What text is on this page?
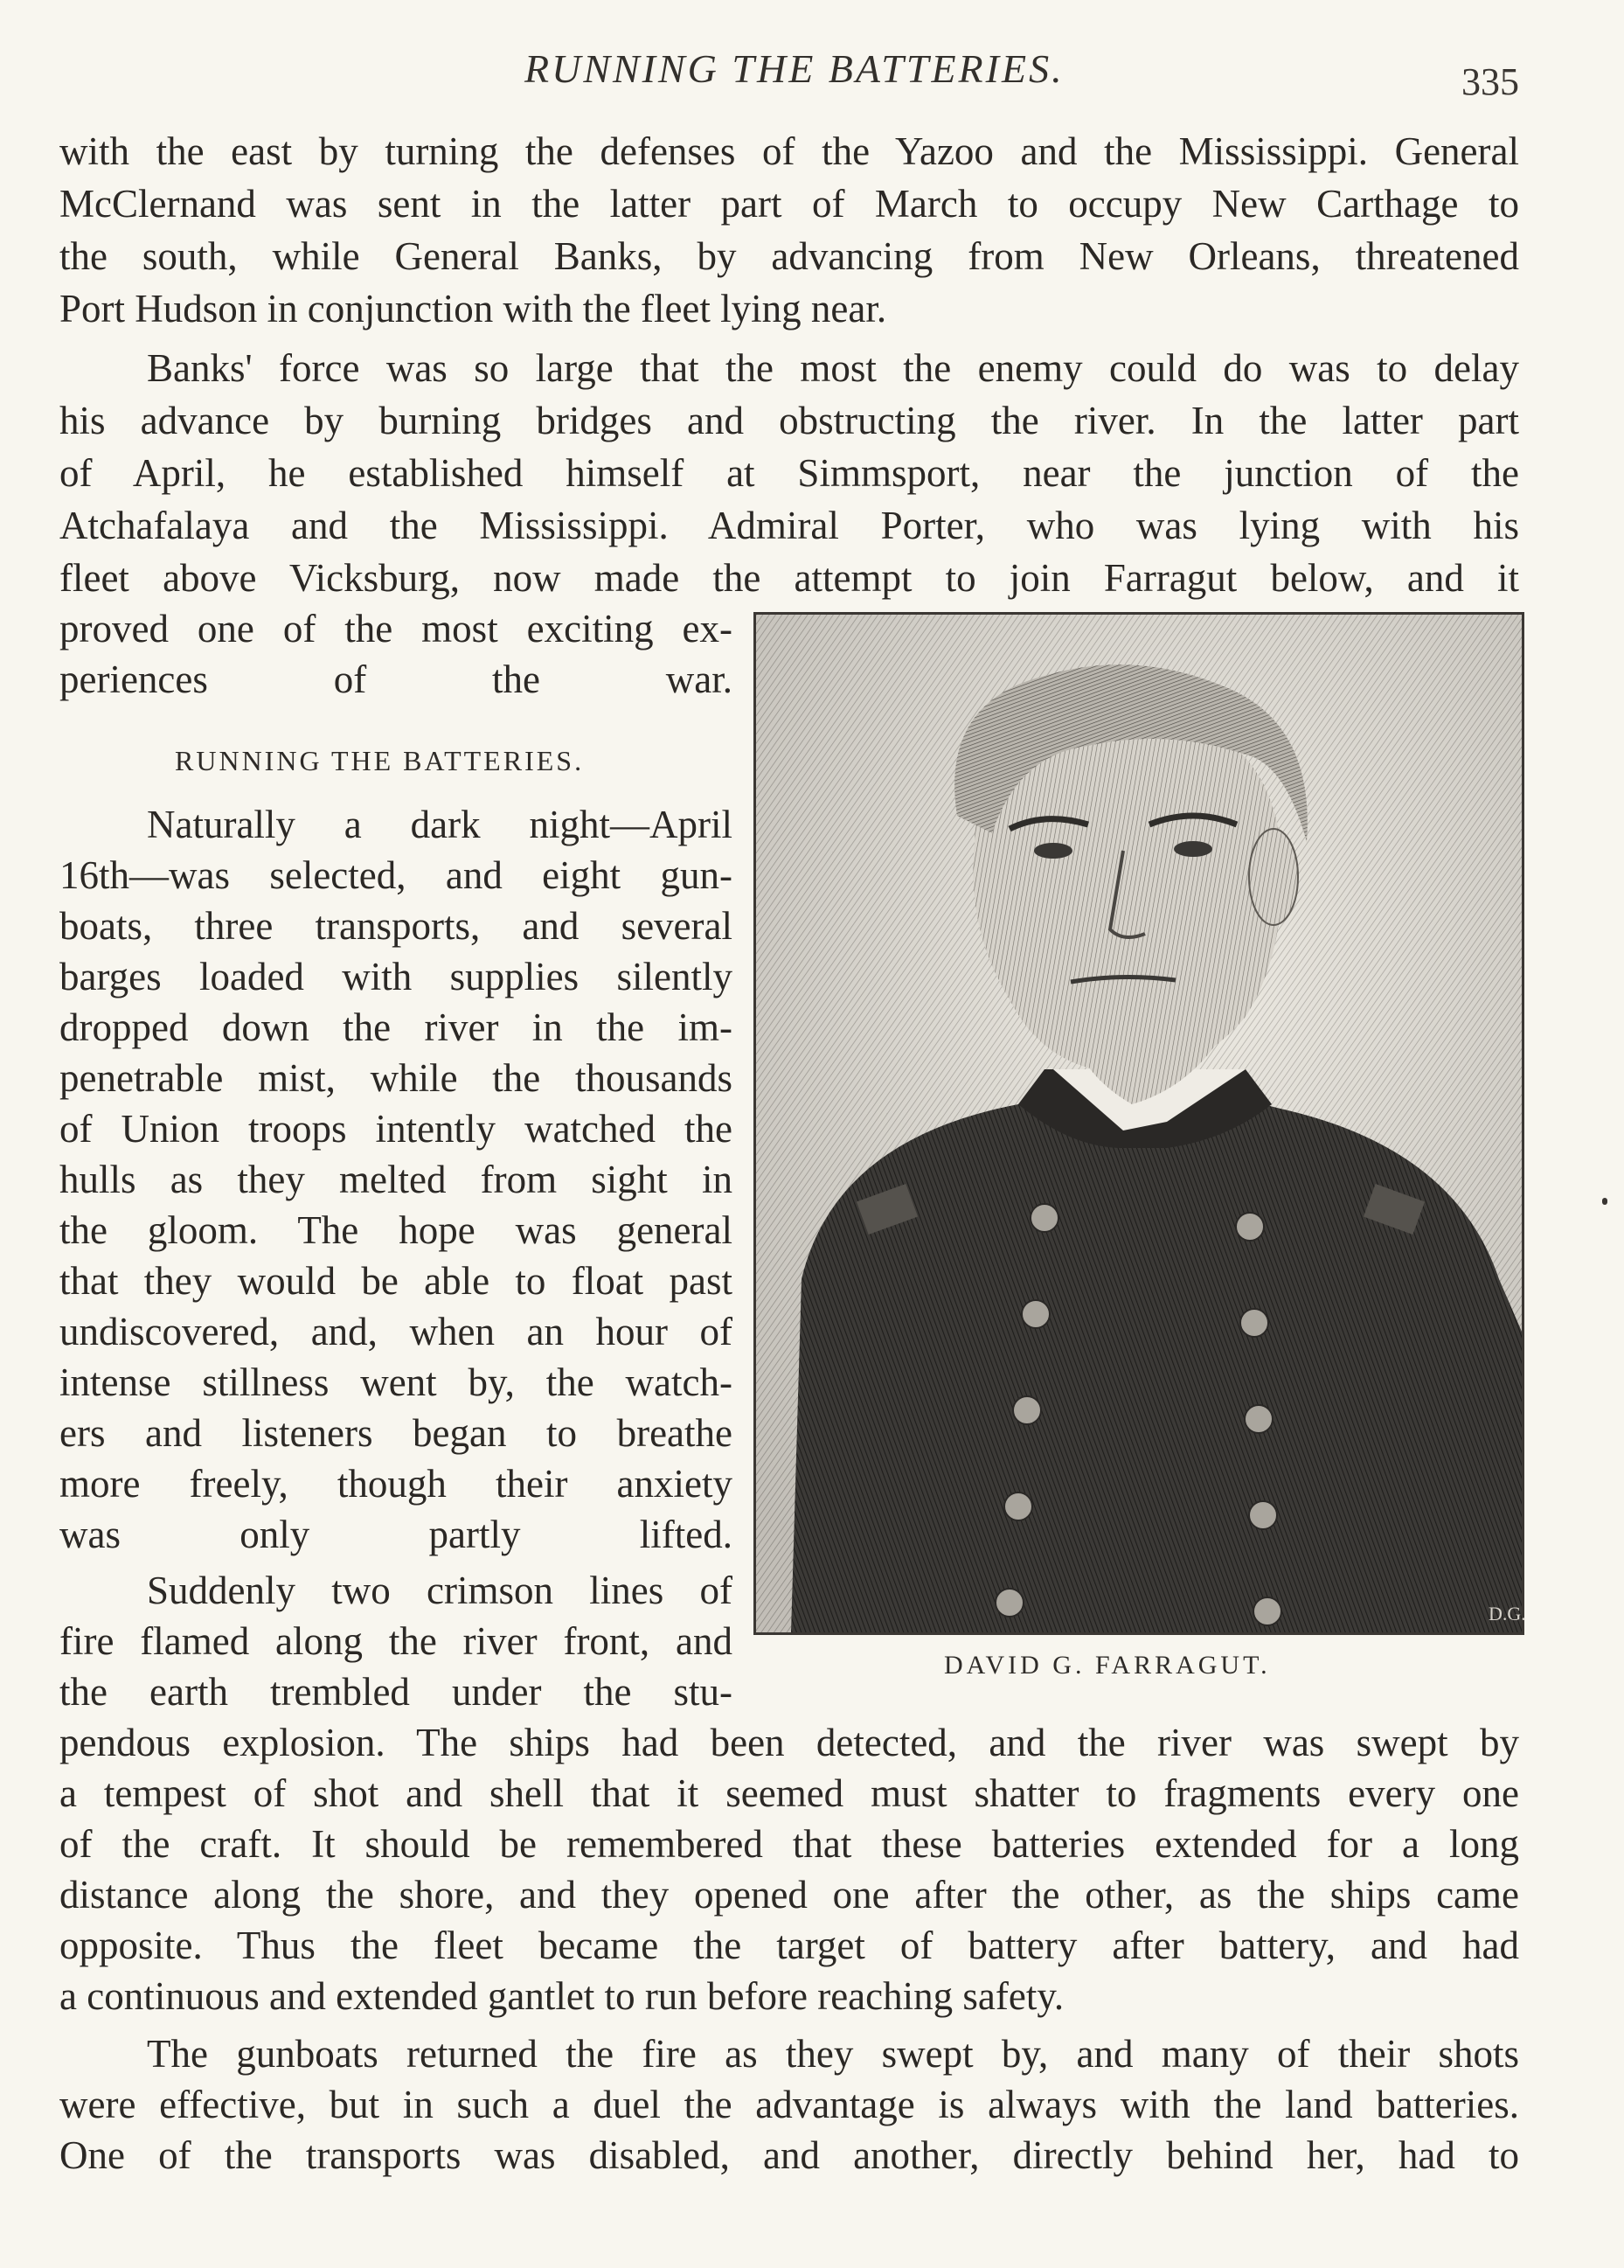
RUNNING THE BATTERIES.	335
with the east by turning the defenses of the Yazoo and the Mississippi. General
McClernand was sent in the latter part of March to occupy New Carthage to
the south, while General Banks, by advancing from New Orleans, threatened
Port Hudson in conjunction with the fleet lying near.
Banks' force was so large that the most the enemy could do was to delay
his advance by burning bridges and obstructing the river. In the latter part
of April, he established himself at Simmsport, near the junction of the
Atchafalaya and the Mississippi. Admiral Porter, who was lying with his
fleet above Vicksburg, now made the attempt to join Farragut below, and it
proved one of the most exciting ex-
periences of the war.
RUNNING THE BATTERIES.
Naturally a dark night—April
16th—was selected, and eight gun-
boats, three transports, and several
barges loaded with supplies silently
dropped down the river in the im-
penetrable mist, while the thousands
of Union troops intently watched the
hulls as they melted from sight in
the gloom. The hope was general
that they would be able to float past
undiscovered, and, when an hour of
intense stillness went by, the watch-
ers and listeners began to breathe
more freely, though their anxiety
was only partly lifted.
Suddenly two crimson lines of
fire flamed along the river front, and
the earth trembled under the stu-
D.G.
DAVID G. FARRAGUT.
pendous explosion. The ships had been detected, and the river was swept by
a tempest of shot and shell that it seemed must shatter to fragments every one
of the craft. It should be remembered that these batteries extended for a long
distance along the shore, and they opened one after the other, as the ships came
opposite. Thus the fleet became the target of battery after battery, and had
a continuous and extended gantlet to run before reaching safety.
The gunboats returned the fire as they swept by, and many of their shots
were effective, but in such a duel the advantage is always with the land batteries.
One of the transports was disabled, and another, directly behind her, had to
